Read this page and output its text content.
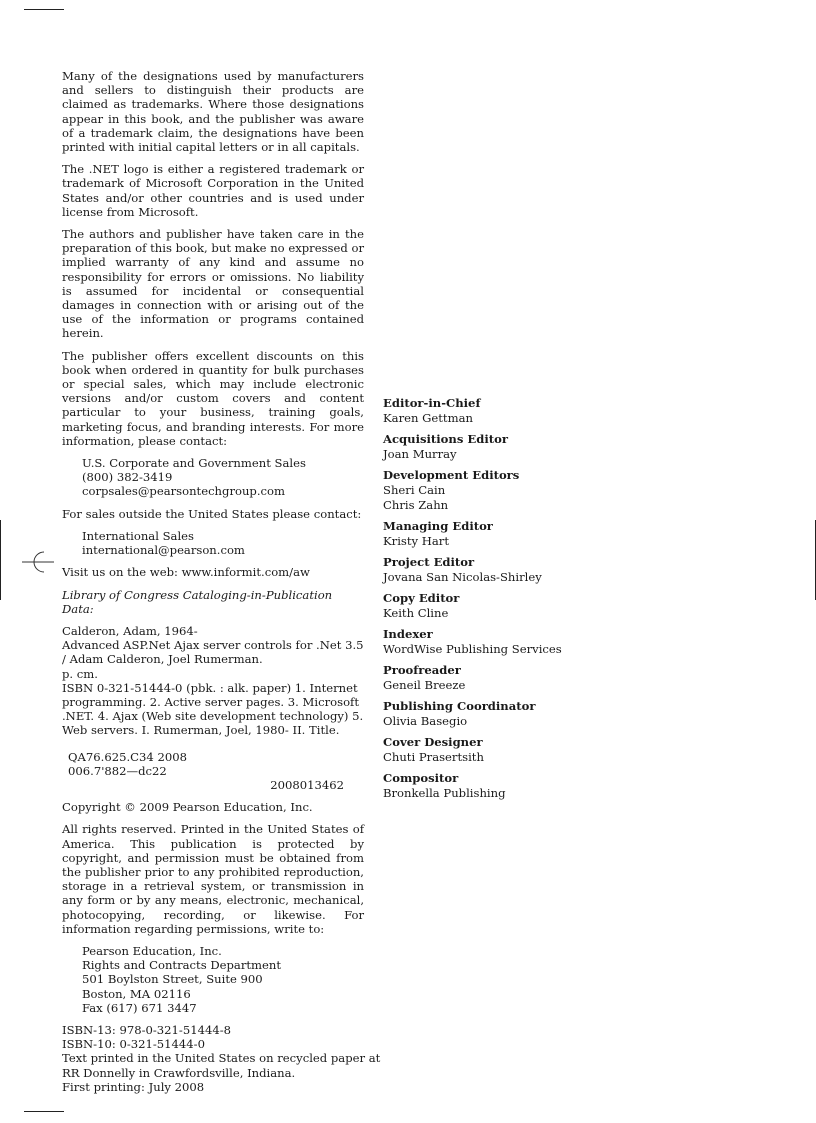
Many of the designations used by manufacturers and sellers to distinguish their products are claimed as trademarks. Where those designations appear in this book, and the publisher was aware of a trademark claim, the designations have been printed with initial capital letters or in all capitals.

The .NET logo is either a registered trademark or trademark of Microsoft Corporation in the United States and/or other countries and is used under license from Microsoft.

The authors and publisher have taken care in the preparation of this book, but make no expressed or implied warranty of any kind and assume no responsibility for errors or omissions. No liability is assumed for incidental or consequential damages in connection with or arising out of the use of the information or programs contained herein.

The publisher offers excellent discounts on this book when ordered in quantity for bulk purchases or special sales, which may include electronic versions and/or custom covers and content particular to your business, training goals, marketing focus, and branding interests. For more information, please contact:

U.S. Corporate and Government Sales
(800) 382-3419
corpsales@pearsontechgroup.com
For sales outside the United States please contact:
International Sales
international@pearson.com
Visit us on the web: www.informit.com/aw
Library of Congress Cataloging-in-Publication Data:
Calderon, Adam, 1964-
Advanced ASP.Net Ajax server controls for .Net 3.5
/ Adam Calderon, Joel Rumerman.
p. cm.
ISBN 0-321-51444-0 (pbk. : alk. paper) 1. Internet
programming. 2. Active server pages. 3. Microsoft
.NET. 4. Ajax (Web site development technology) 5.
Web servers. I. Rumerman, Joel, 1980- II. Title.
QA76.625.C34 2008
006.7'882—dc22
2008013462
Copyright © 2009 Pearson Education, Inc.

All rights reserved. Printed in the United States of America. This publication is protected by copyright, and permission must be obtained from the publisher prior to any prohibited reproduction, storage in a retrieval system, or transmission in any form or by any means, electronic, mechanical, photocopying, recording, or likewise. For information regarding permissions, write to:

Pearson Education, Inc.
Rights and Contracts Department
501 Boylston Street, Suite 900
Boston, MA 02116
Fax (617) 671 3447
ISBN-13: 978-0-321-51444-8
ISBN-10: 0-321-51444-0
Text printed in the United States on recycled paper at
RR Donnelly in Crawfordsville, Indiana.
First printing: July 2008
Editor-in-Chief
Karen Gettman
Acquisitions Editor
Joan Murray
Development Editors
Sheri Cain
Chris Zahn
Managing Editor
Kristy Hart
Project Editor
Jovana San Nicolas-Shirley
Copy Editor
Keith Cline
Indexer
WordWise Publishing Services
Proofreader
Geneil Breeze
Publishing Coordinator
Olivia Basegio
Cover Designer
Chuti Prasertsith
Compositor
Bronkella Publishing
